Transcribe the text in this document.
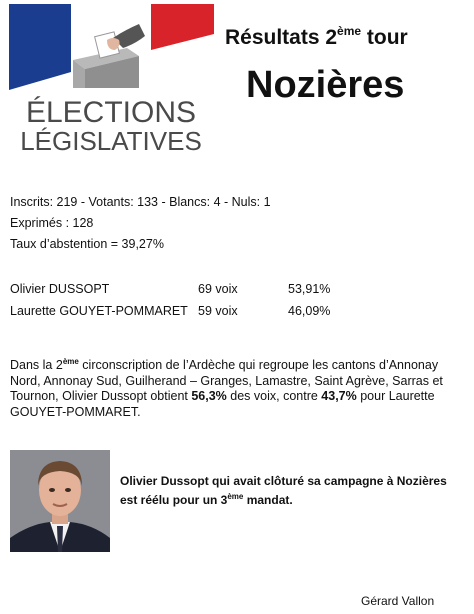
ÉLECTIONS
LÉGISLATIVES
Résultats 2ème tour
Nozières
Inscrits: 219 - Votants: 133 - Blancs: 4 - Nuls: 1
Exprimés : 128
Taux d’abstention = 39,27%
Olivier DUSSOPT	69 voix	53,91%
Laurette GOUYET-POMMARET 59 voix	46,09%
Dans la 2ème circonscription de l’Ardèche qui regroupe les cantons d’Annonay Nord, Annonay Sud, Guilherand – Granges, Lamastre, Saint Agrève, Sarras et Tournon, Olivier Dussopt obtient 56,3% des voix, contre 43,7% pour Laurette GOUYET-POMMARET.
Olivier Dussopt qui avait clôturé sa campagne à Nozières est réélu pour un 3ème mandat.
Gérard Vallon
